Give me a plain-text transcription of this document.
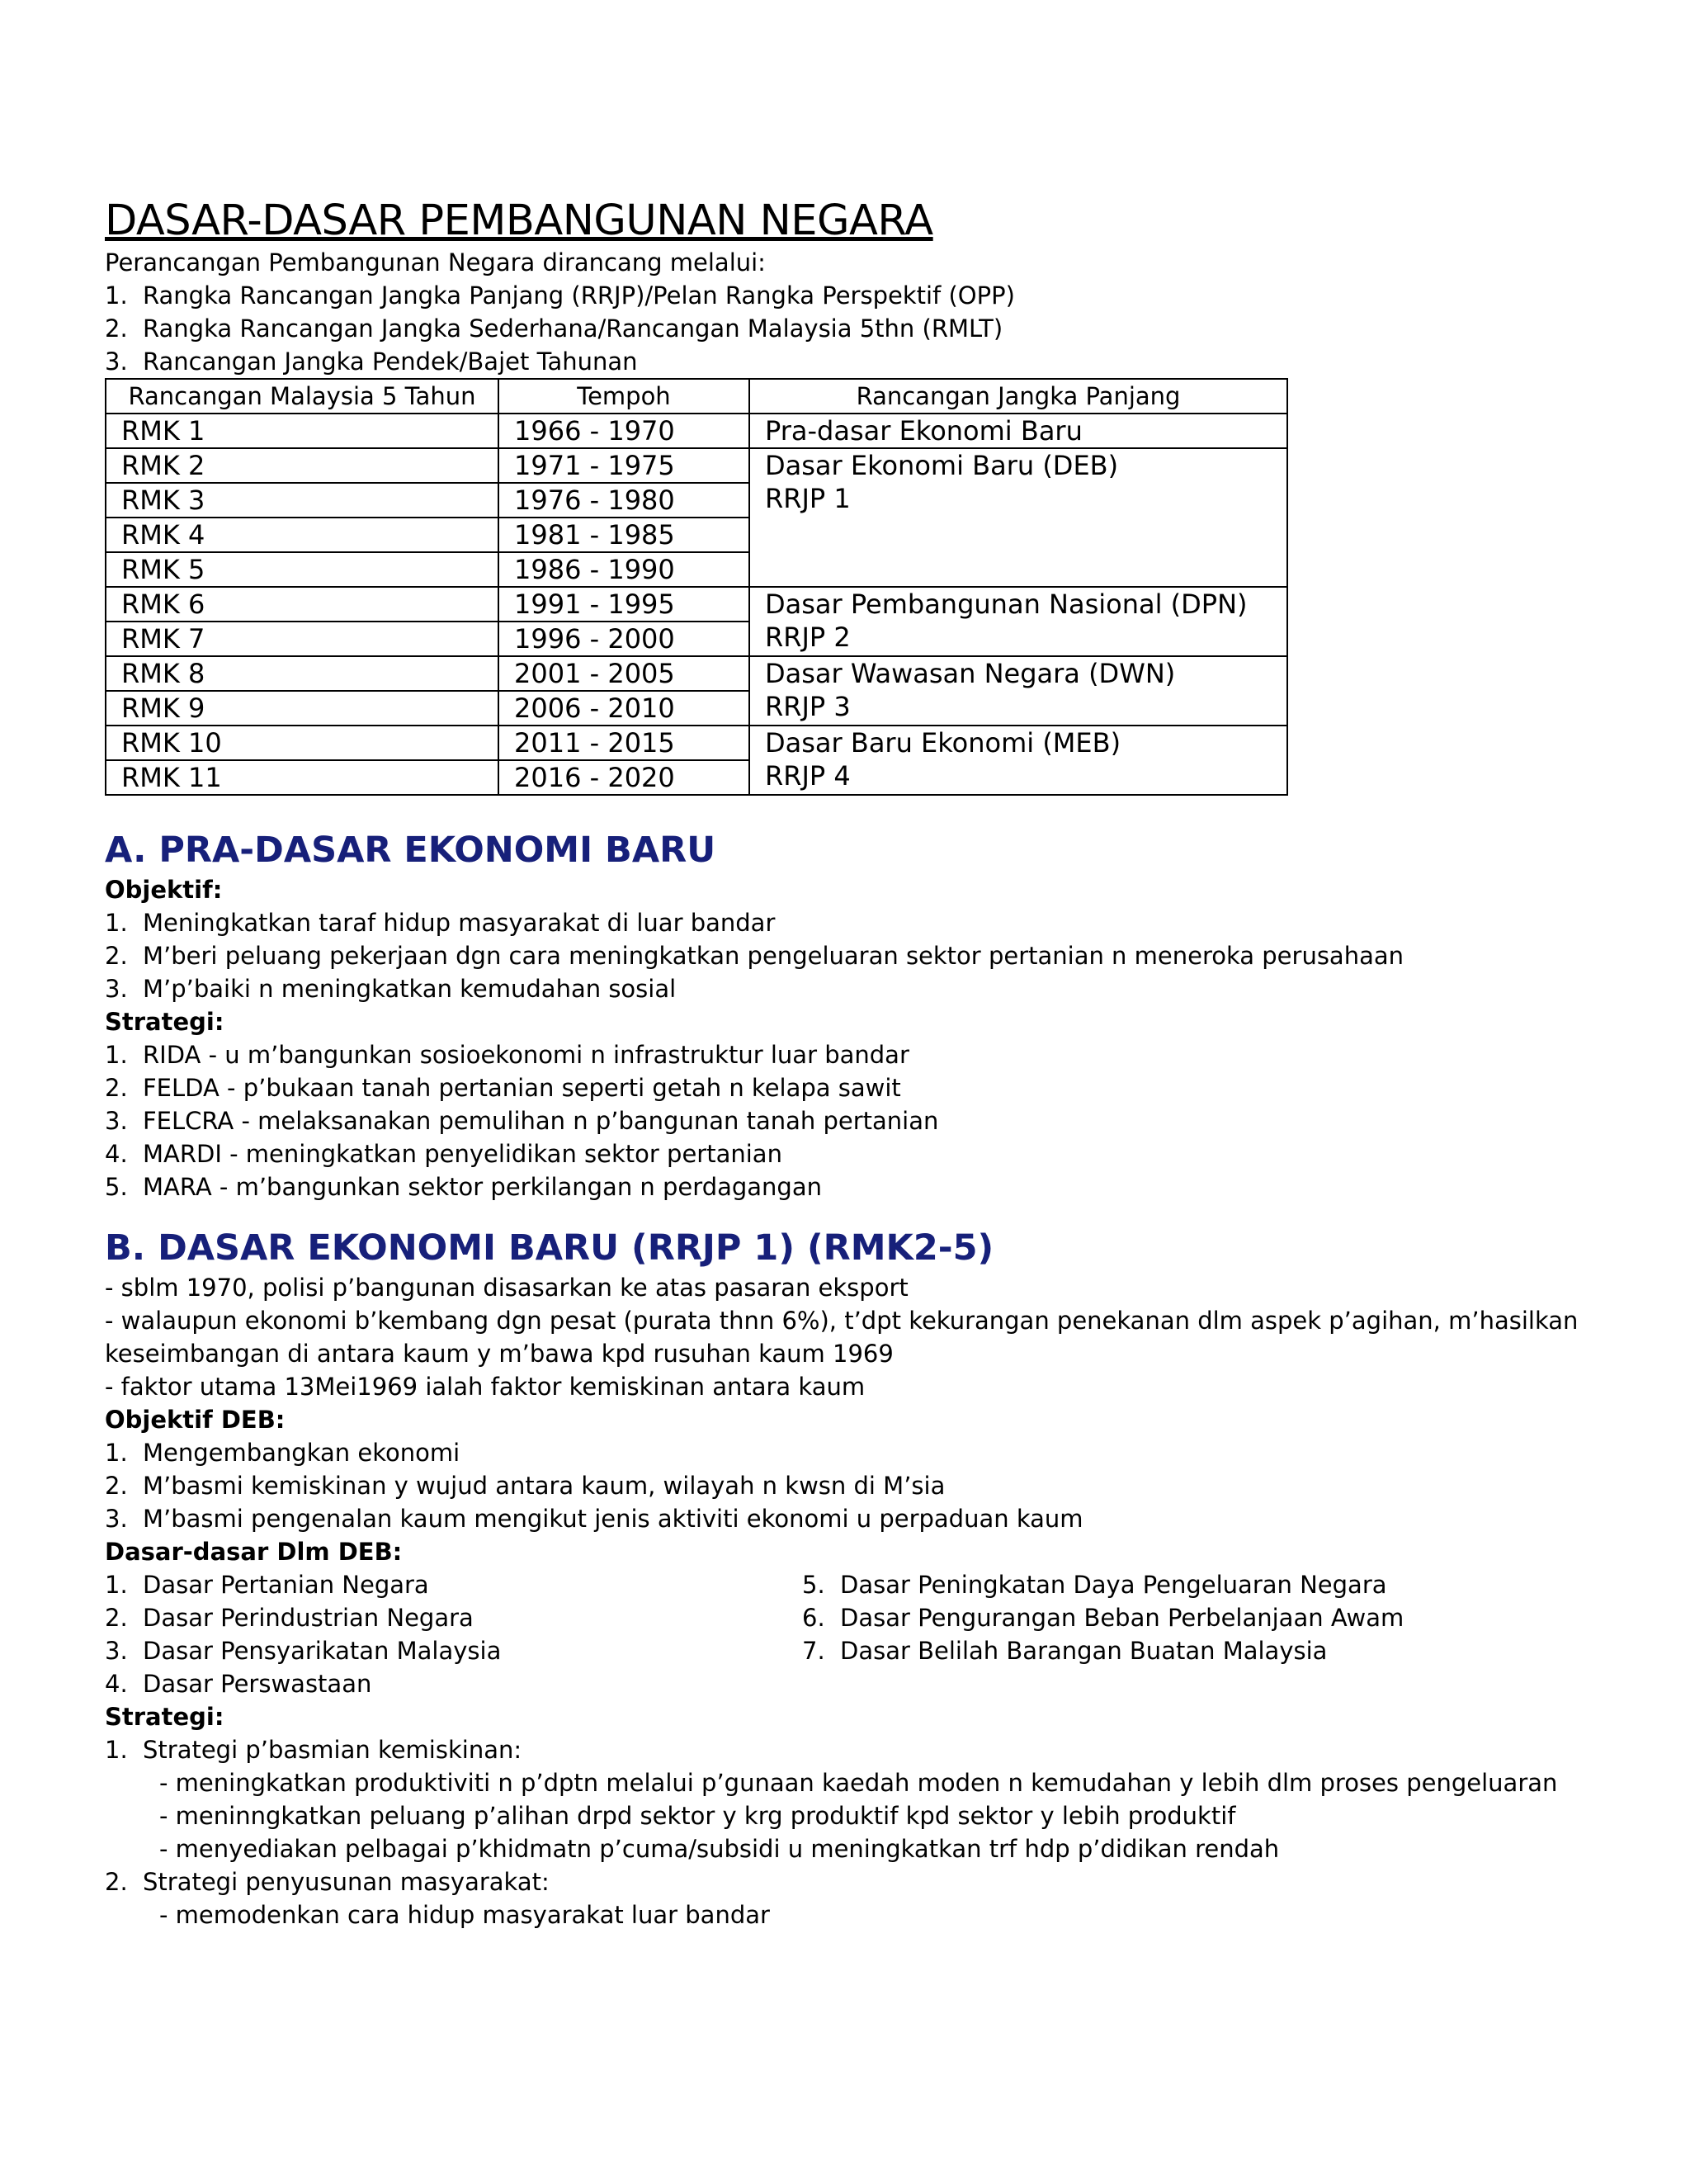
DASAR-DASAR PEMBANGUNAN NEGARA
Perancangan Pembangunan Negara dirancang melalui:
1. Rangka Rancangan Jangka Panjang (RRJP)/Pelan Rangka Perspektif (OPP)
2. Rangka Rancangan Jangka Sederhana/Rancangan Malaysia 5thn (RMLT)
3. Rancangan Jangka Pendek/Bajet Tahunan
Rancangan Malaysia 5 Tahun	Tempoh	Rancangan Jangka Panjang
RMK 1	1966 - 1970	Pra-dasar Ekonomi Baru

RMK 2	1971 - 1975	Dasar Ekonomi Baru (DEB)
RRJP 1

RMK 3	1976 - 1980	
RMK 4	1981 - 1985	
RMK 5	1986 - 1990	
RMK 6	1991 - 1995	Dasar Pembangunan Nasional (DPN)
RRJP 2

RMK 7	1996 - 2000	
RMK 8	2001 - 2005	Dasar Wawasan Negara (DWN)
RRJP 3

RMK 9	2006 - 2010	
RMK 10	2011 - 2015	Dasar Baru Ekonomi (MEB)
RRJP 4

RMK 11	2016 - 2020	
A. PRA-DASAR EKONOMI BARU
Objektif:
1. Meningkatkan taraf hidup masyarakat di luar bandar
2. M’beri peluang pekerjaan dgn cara meningkatkan pengeluaran sektor pertanian n meneroka perusahaan
3. M’p’baiki n meningkatkan kemudahan sosial
Strategi:
1. RIDA - u m’bangunkan sosioekonomi n infrastruktur luar bandar
2. FELDA - p’bukaan tanah pertanian seperti getah n kelapa sawit
3. FELCRA - melaksanakan pemulihan n p’bangunan tanah pertanian
4. MARDI - meningkatkan penyelidikan sektor pertanian
5. MARA - m’bangunkan sektor perkilangan n perdagangan
B. DASAR EKONOMI BARU (RRJP 1) (RMK2-5)
- sblm 1970, polisi p’bangunan disasarkan ke atas pasaran eksport
- walaupun ekonomi b’kembang dgn pesat (purata thnn 6%), t’dpt kekurangan penekanan dlm aspek p’agihan, m’hasilkan
keseimbangan di antara kaum y m’bawa kpd rusuhan kaum 1969
- faktor utama 13Mei1969 ialah faktor kemiskinan antara kaum
Objektif DEB:
1. Mengembangkan ekonomi
2. M’basmi kemiskinan y wujud antara kaum, wilayah n kwsn di M’sia
3. M’basmi pengenalan kaum mengikut jenis aktiviti ekonomi u perpaduan kaum
Dasar-dasar Dlm DEB:
1. Dasar Pertanian Negara
2. Dasar Perindustrian Negara
3. Dasar Pensyarikatan Malaysia
4. Dasar Perswastaan
5. Dasar Peningkatan Daya Pengeluaran Negara
6. Dasar Pengurangan Beban Perbelanjaan Awam
7. Dasar Belilah Barangan Buatan Malaysia
Strategi:
1. Strategi p’basmian kemiskinan:
- meningkatkan produktiviti n p’dptn melalui p’gunaan kaedah moden n kemudahan y lebih dlm proses pengeluaran
- meninngkatkan peluang p’alihan drpd sektor y krg produktif kpd sektor y lebih produktif
- menyediakan pelbagai p’khidmatn p’cuma/subsidi u meningkatkan trf hdp p’didikan rendah
2. Strategi penyusunan masyarakat:
- memodenkan cara hidup masyarakat luar bandar
